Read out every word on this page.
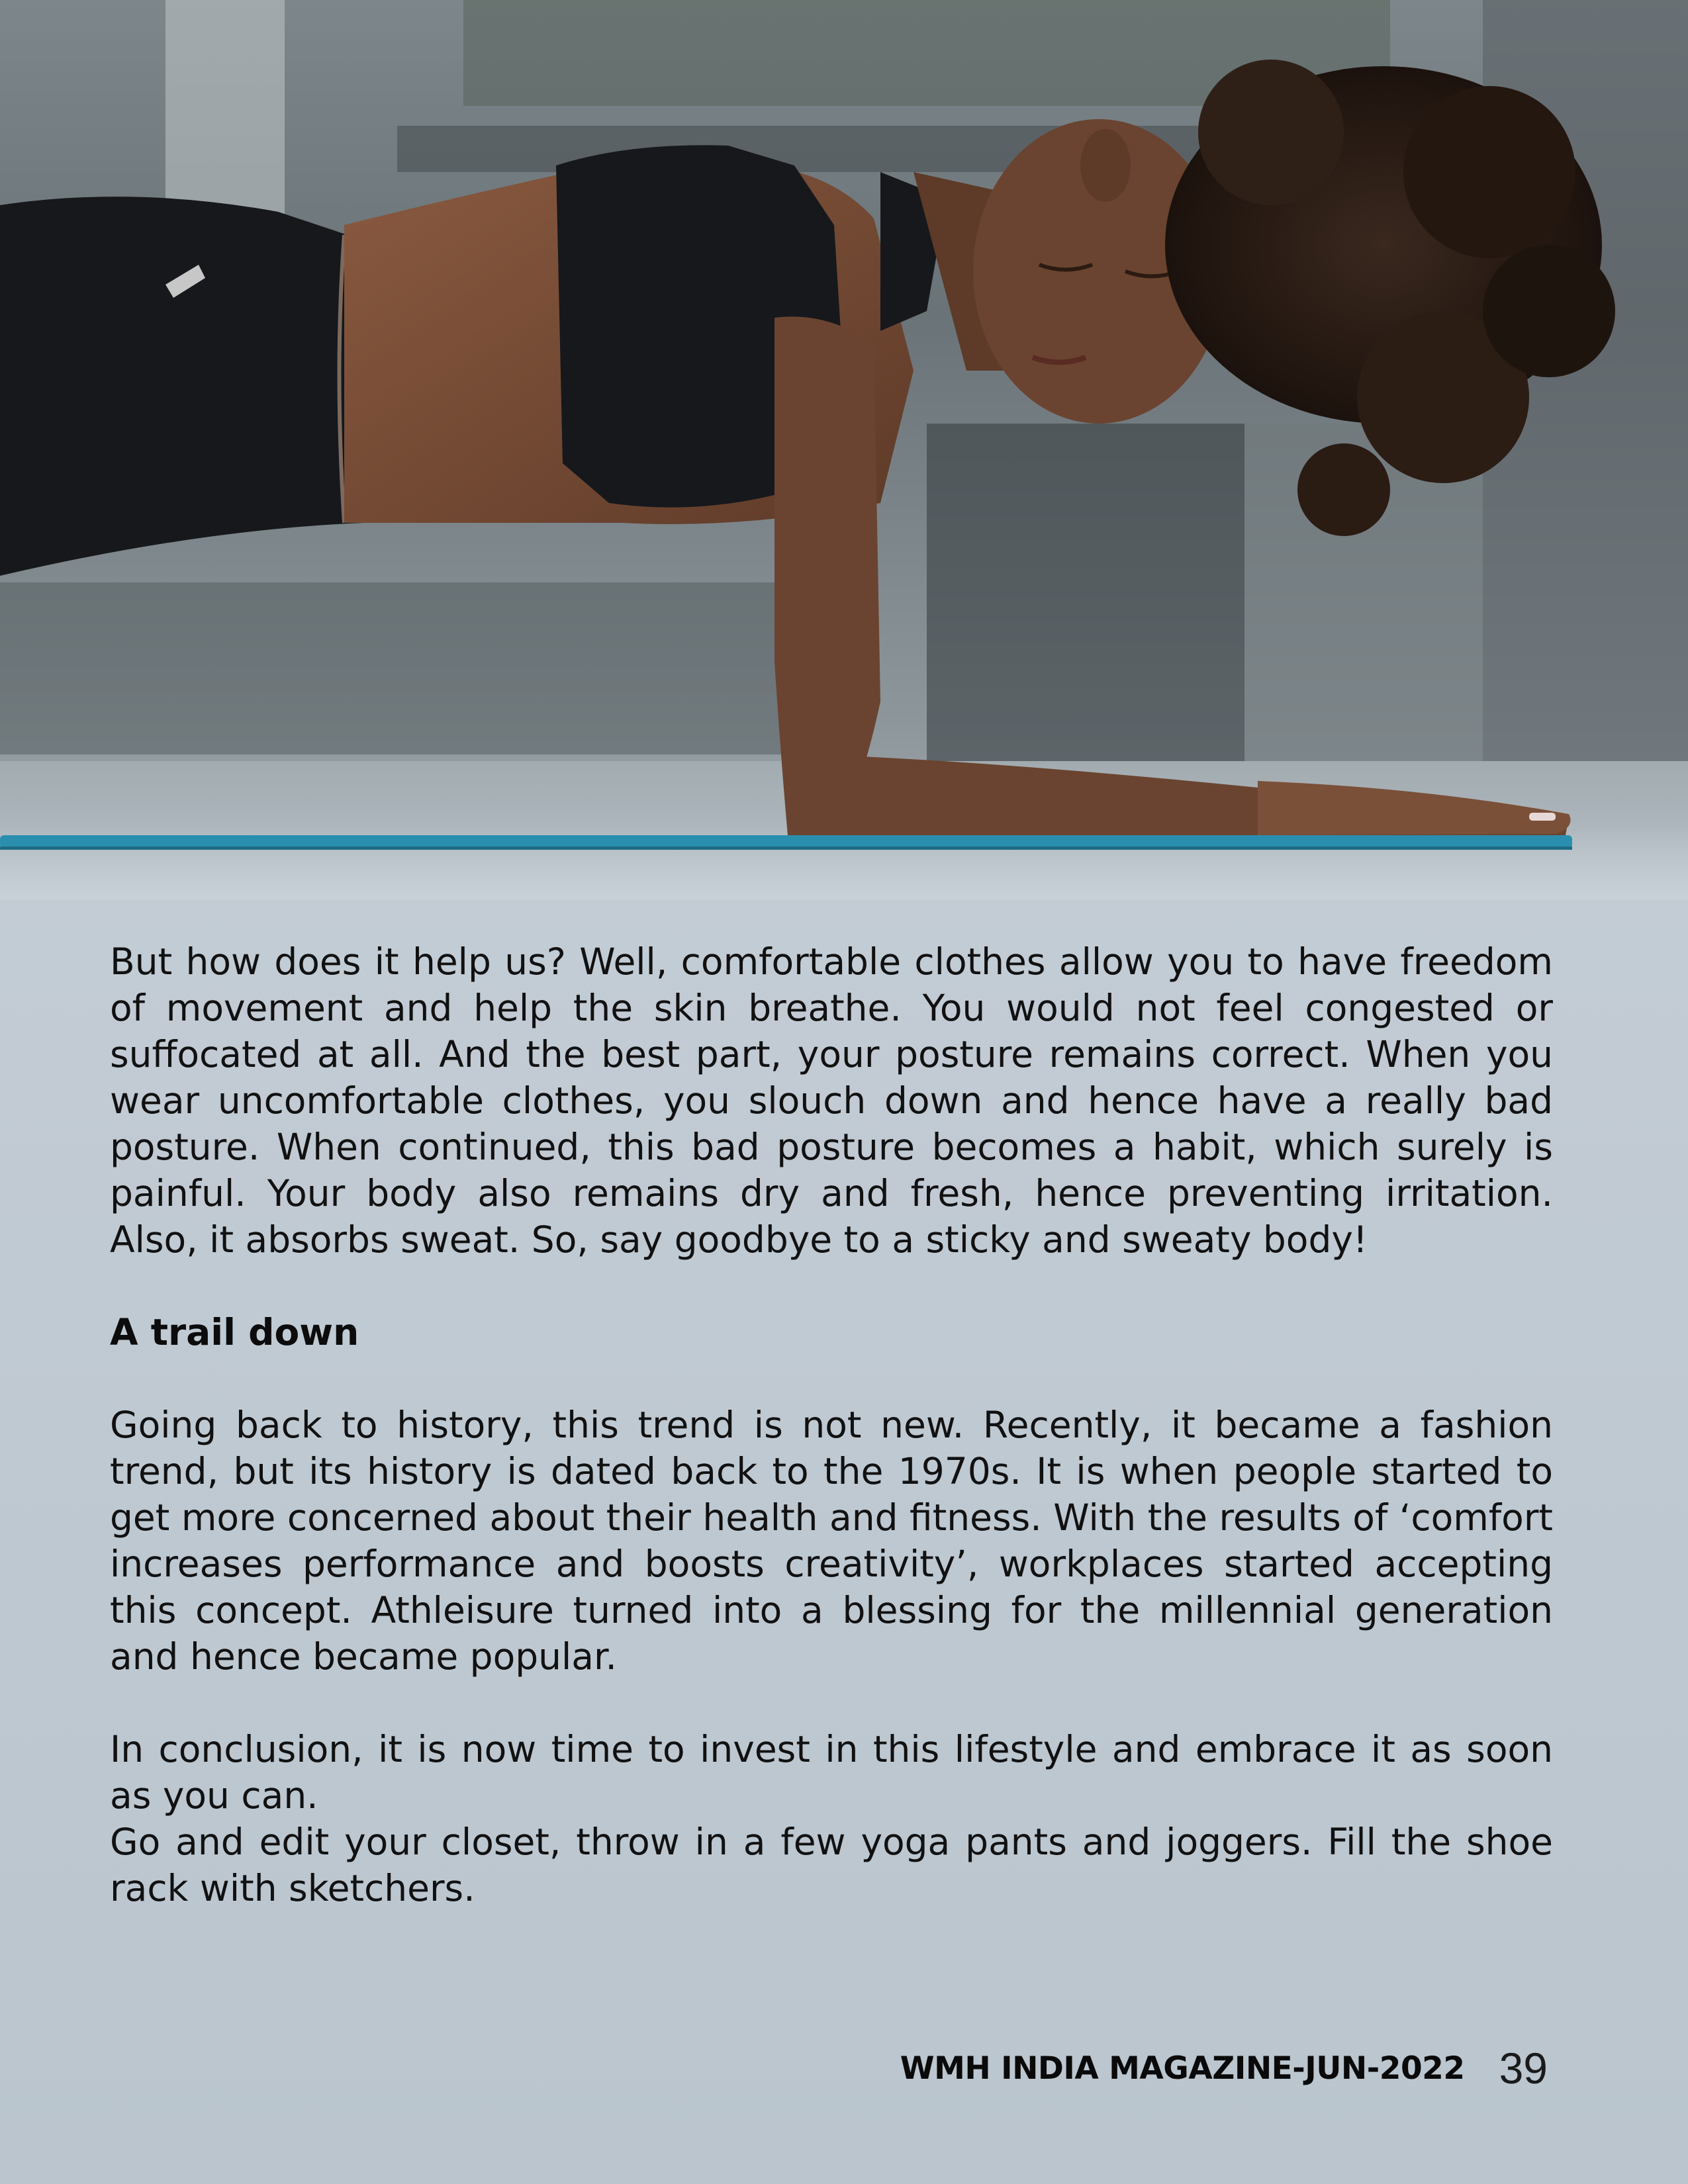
But how does it help us? Well, comfortable clothes allow you to have freedom of movement and help the skin breathe. You would not feel congested or suffocated at all. And the best part, your posture remains correct. When you wear uncomfortable clothes, you slouch down and hence have a really bad posture. When continued, this bad posture becomes a habit, which surely is painful. Your body also remains dry and fresh, hence preventing irritation. Also, it absorbs sweat. So, say goodbye to a sticky and sweaty body!

A trail down

Going back to history, this trend is not new. Recently, it became a fashion trend, but its history is dated back to the 1970s. It is when people started to get more concerned about their health and fitness. With the results of ‘comfort increases performance and boosts creativity’, workplaces started accepting this concept. Athleisure turned into a blessing for the millennial generation and hence became popular.

In conclusion, it is now time to invest in this lifestyle and embrace it as soon as you can.

Go and edit your closet, throw in a few yoga pants and joggers. Fill the shoe rack with sketchers.

WMH INDIA MAGAZINE-JUN-2022 39
